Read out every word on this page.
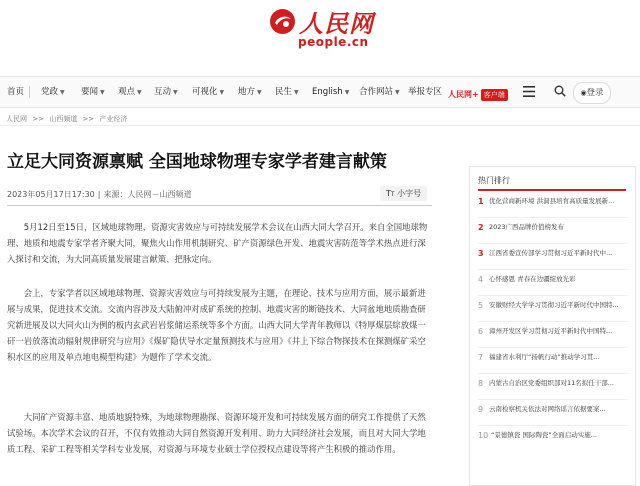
人民网
people.cn
首页 党政 ▼ 要闻 ▼ 观点 ▼ 互动 ▼ 可视化 ▼ 地方 ▼ 民生 ▼ English ▼ 合作网站 ▼ 举报专区 人民网+ 客户端	◉登录
人民网 >> 山西频道 >> 产业经济
立足大同资源禀赋 全国地球物理专家学者建言献策
2023年05月17日17:30 | 来源：人民网－山西频道	TT 小字号

5月12日至15日，区域地球物理、资源灾害效应与可持续发展学术会议在山西大同大学召开。来自全国地球物理、地质和地震专家学者齐聚大同，聚焦火山作用机制研究、矿产资源绿色开发、地震灾害防范等学术热点进行深入探讨和交流，为大同高质量发展建言献策、把脉定向。

会上，专家学者以区域地球物理、资源灾害效应与可持续发展为主题，在理论、技术与应用方面，展示最新进展与成果，促进技术交流。交流内容涉及大陆俯冲对成矿系统的控制、地震灾害的断链技术、大同盆地地质勘查研究新进展及以大同火山为例的板内玄武岩岩浆储运系统等多个方面。山西大同大学青年教师以《特厚煤层綜放煤一矸一岩放落流动辐射规律研究与应用》《煤矿隐伏导水定量预测技术与应用》《井上下综合物探技术在探测煤矿采空积水区的应用及单点地电模型构建》为题作了学术交流。

大同矿产资源丰富、地质地貌特殊，为地球物理勘探、资源环境开发和可持续发展方面的研究工作提供了天然试验场。本次学术会议的召开，不仅有效推动大同自然资源开发利用、助力大同经济社会发展，而且对大同大学地质工程、采矿工程等相关学科专业发展，对资源与环境专业硕士学位授权点建设等将产生积极的推动作用。

热门排行
1 优化营商新环境 洪洞县培育高质量发展新...
2 2023广西品牌价值榜发布
3 江西省委宣传部学习贯彻习近平新时代中...
4 心怀感恩 青春在边疆绽放光彩
5 安徽财经大学学习贯彻习近平新时代中国特...
6 漳州开发区学习贯彻习近平新时代中国特...
7 福建省水利厅“扬帆行动”推动学习贯...
8 内蒙古自治区党委组织部对11名拟任干部...
9 云南检察机关依法对网络谣言依据要案...
10 “景德镇瓷 国际陶瓷”全面启动实施...
